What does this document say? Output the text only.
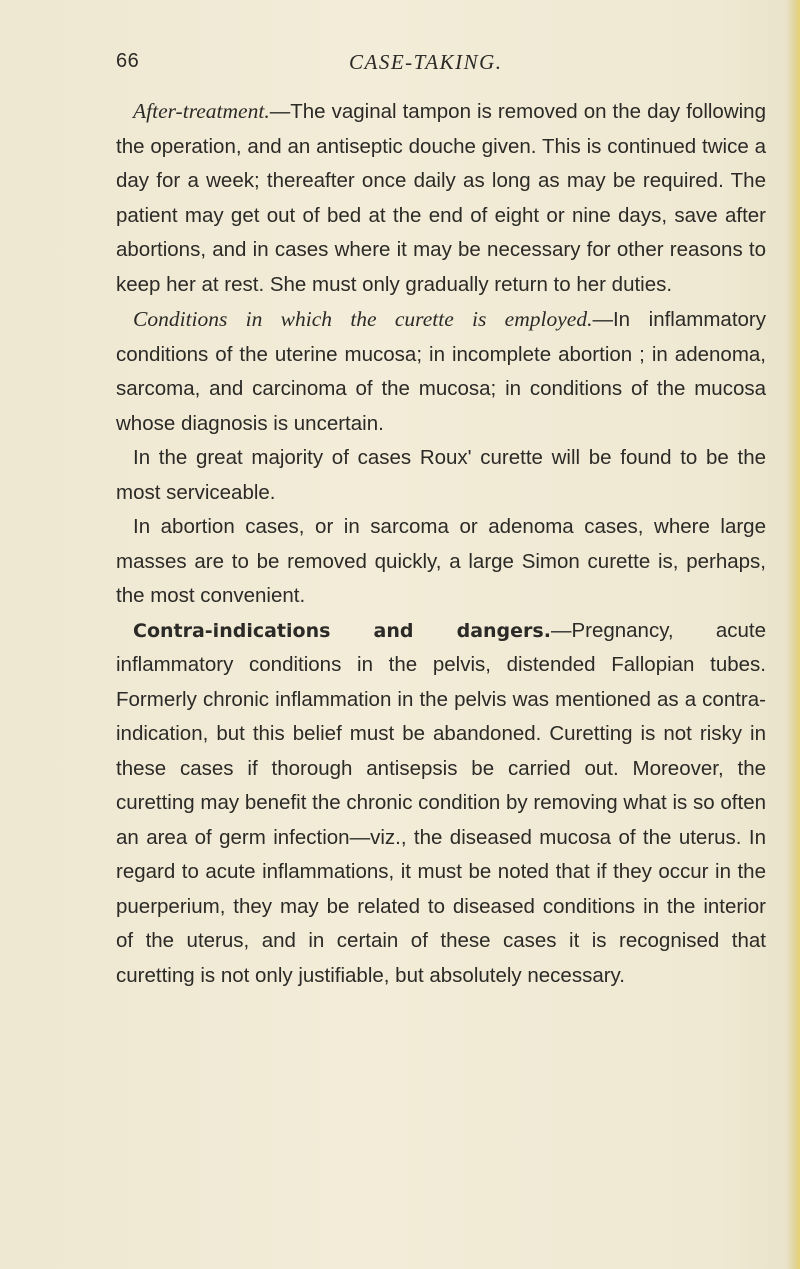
66	CASE-TAKING.

After-treatment.—The vaginal tampon is removed on the day following the operation, and an antiseptic douche given. This is continued twice a day for a week; thereafter once daily as long as may be required. The patient may get out of bed at the end of eight or nine days, save after abortions, and in cases where it may be necessary for other reasons to keep her at rest. She must only gradually return to her duties.

Conditions in which the curette is employed.—In inflammatory conditions of the uterine mucosa; in incomplete abortion ; in adenoma, sarcoma, and carcinoma of the mucosa; in conditions of the mucosa whose diagnosis is uncertain.

In the great majority of cases Roux' curette will be found to be the most serviceable.

In abortion cases, or in sarcoma or adenoma cases, where large masses are to be removed quickly, a large Simon curette is, perhaps, the most convenient.

Contra-indications and dangers.—Pregnancy, acute inflammatory conditions in the pelvis, distended Fallopian tubes. Formerly chronic inflammation in the pelvis was mentioned as a contra-indication, but this belief must be abandoned. Curetting is not risky in these cases if thorough antisepsis be carried out. Moreover, the curetting may benefit the chronic condition by removing what is so often an area of germ infection—viz., the diseased mucosa of the uterus. In regard to acute inflammations, it must be noted that if they occur in the puerperium, they may be related to diseased conditions in the interior of the uterus, and in certain of these cases it is recognised that curetting is not only justifiable, but absolutely necessary.
